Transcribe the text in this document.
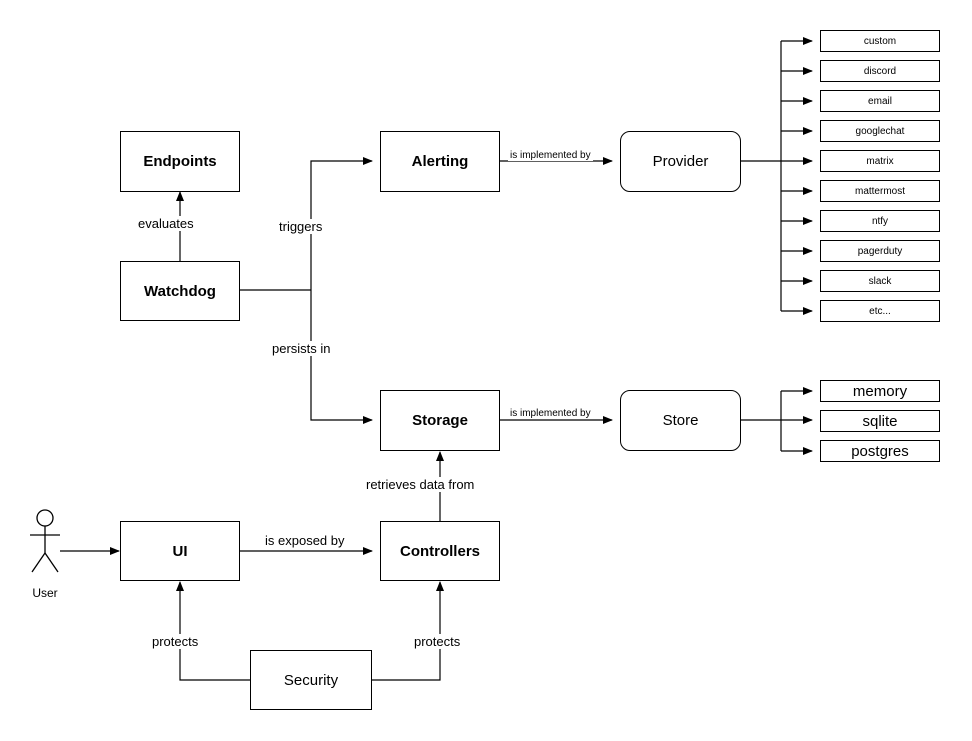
User
Endpoints
Watchdog
Alerting	Provider
Storage	Store
UI	Controllers
Security
custom
discord
email
googlechat
matrix
mattermost
ntfy
pagerduty
slack
etc...
memory
sqlite
postgres
evaluates	triggers
persists in
is implemented by
is implemented by
retrieves data from
is exposed by
protects	protects
